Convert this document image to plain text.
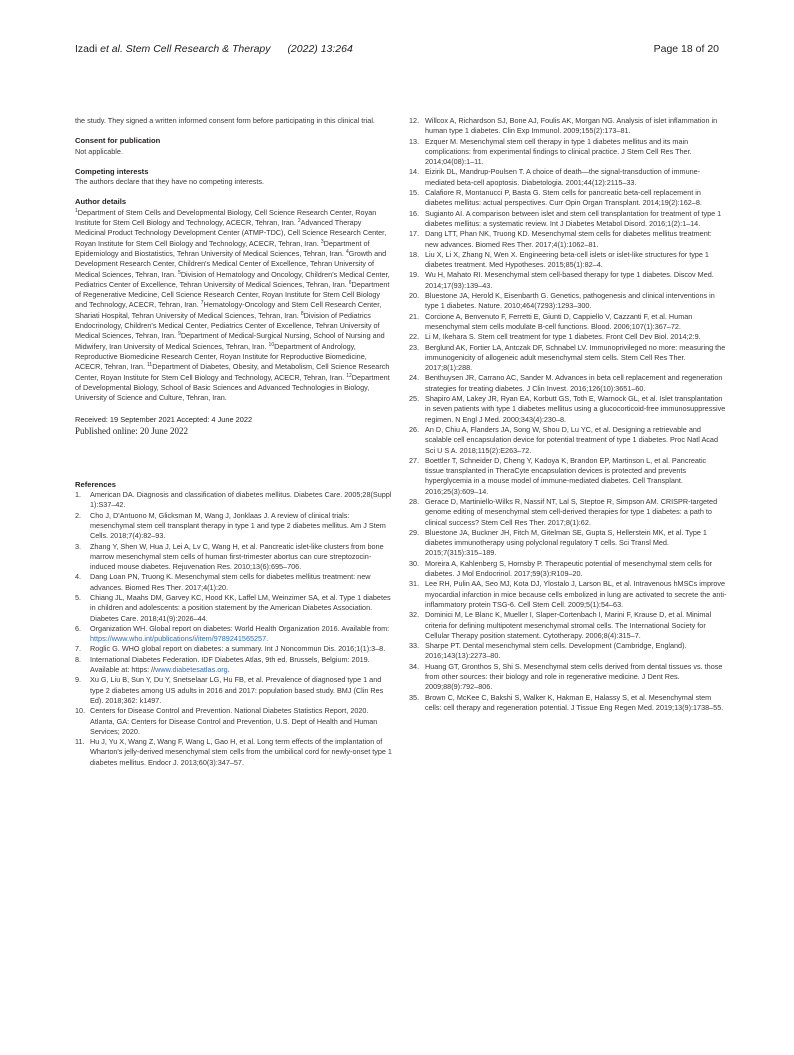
Izadi et al. Stem Cell Research & Therapy (2022) 13:264	Page 18 of 20

the study. They signed a written informed consent form before participating in this clinical trial.

Consent for publication

Not applicable.

Competing interests

The authors declare that they have no competing interests.

Author details

$^1$Department of Stem Cells and Developmental Biology, Cell Science Research Center, Royan Institute for Stem Cell Biology and Technology, ACECR, Tehran, Iran. $^2$Advanced Therapy Medicinal Product Technology Development Center (ATMP-TDC), Cell Science Research Center, Royan Institute for Stem Cell Biology and Technology, ACECR, Tehran, Iran. $^3$Department of Epidemiology and Biostatistics, Tehran University of Medical Sciences, Tehran, Iran. $^4$Growth and Development Research Center, Children's Medical Center of Excellence, Tehran University of Medical Sciences, Tehran, Iran. $^5$Division of Hematology and Oncology, Children's Medical Center, Pediatrics Center of Excellence, Tehran University of Medical Sciences, Tehran, Iran. $^6$Department of Regenerative Medicine, Cell Science Research Center, Royan Institute for Stem Cell Biology and Technology, ACECR, Tehran, Iran. $^7$Hematology-Oncology and Stem Cell Research Center, Shariati Hospital, Tehran University of Medical Sciences, Tehran, Iran. $^8$Division of Pediatrics Endocrinology, Children's Medical Center, Pediatrics Center of Excellence, Tehran University of Medical Sciences, Tehran, Iran. $^9$Department of Medical-Surgical Nursing, School of Nursing and Midwifery, Iran University of Medical Sciences, Tehran, Iran. $^{10}$Department of Andrology, Reproductive Biomedicine Research Center, Royan Institute for Reproductive Biomedicine, ACECR, Tehran, Iran. $^{11}$Department of Diabetes, Obesity, and Metabolism, Cell Science Research Center, Royan Institute for Stem Cell Biology and Technology, ACECR, Tehran, Iran. $^{12}$Department of Developmental Biology, School of Basic Sciences and Advanced Technologies in Biology, University of Science and Culture, Tehran, Iran.

Received: 19 September 2021 Accepted: 4 June 2022
Published online: 20 June 2022

References

1.	American DA. Diagnosis and classification of diabetes mellitus. Diabetes Care. 2005;28(Suppl 1):S37–42.
2.	Cho J, D'Antuono M, Glicksman M, Wang J, Jonklaas J. A review of clinical trials: mesenchymal stem cell transplant therapy in type 1 and type 2 diabetes mellitus. Am J Stem Cells. 2018;7(4):82–93.
3.	Zhang Y, Shen W, Hua J, Lei A, Lv C, Wang H, et al. Pancreatic islet-like clusters from bone marrow mesenchymal stem cells of human first-trimester abortus can cure streptozocin-induced mouse diabetes. Rejuvenation Res. 2010;13(6):695–706.
4.	Dang Loan PN, Truong K. Mesenchymal stem cells for diabetes mellitus treatment: new advances. Biomed Res Ther. 2017;4(1):20.
5.	Chiang JL, Maahs DM, Garvey KC, Hood KK, Laffel LM, Weinzimer SA, et al. Type 1 diabetes in children and adolescents: a position statement by the American Diabetes Association. Diabetes Care. 2018;41(9):2026–44.
6.	Organization WH. Global report on diabetes: World Health Organization 2016. Available from: https://www.who.int/publications/i/item/9789241565257.
7.	Roglic G. WHO global report on diabetes: a summary. Int J Noncommun Dis. 2016;1(1):3–8.
8.	International Diabetes Federation. IDF Diabetes Atlas, 9th ed. Brussels, Belgium: 2019. Available at: https: //www.diabetesatlas.org.
9.	Xu G, Liu B, Sun Y, Du Y, Snetselaar LG, Hu FB, et al. Prevalence of diagnosed type 1 and type 2 diabetes among US adults in 2016 and 2017: population based study. BMJ (Clin Res Ed). 2018;362: k1497.
10. Centers for Disease Control and Prevention. National Diabetes Statistics Report, 2020. Atlanta, GA: Centers for Disease Control and Prevention, U.S. Dept of Health and Human Services; 2020.
11. Hu J, Yu X, Wang Z, Wang F, Wang L, Gao H, et al. Long term effects of the implantation of Wharton's jelly-derived mesenchymal stem cells from the umbilical cord for newly-onset type 1 diabetes mellitus. Endocr J. 2013;60(3):347–57.
12. Willcox A, Richardson SJ, Bone AJ, Foulis AK, Morgan NG. Analysis of islet inflammation in human type 1 diabetes. Clin Exp Immunol. 2009;155(2):173–81.
13. Ezquer M. Mesenchymal stem cell therapy in type 1 diabetes mellitus and its main complications: from experimental findings to clinical practice. J Stem Cell Res Ther. 2014;04(08):1–11.
14. Eizirik DL, Mandrup-Poulsen T. A choice of death—the signal-transduction of immune-mediated beta-cell apoptosis. Diabetologia. 2001;44(12):2115–33.
15. Calafiore R, Montanucci P, Basta G. Stem cells for pancreatic beta-cell replacement in diabetes mellitus: actual perspectives. Curr Opin Organ Transplant. 2014;19(2):162–8.
16. Sugianto AI. A comparison between islet and stem cell transplantation for treatment of type 1 diabetes mellitus: a systematic review. Int J Diabetes Metabol Disord. 2016;1(2):1–14.
17. Dang LTT, Phan NK, Truong KD. Mesenchymal stem cells for diabetes mellitus treatment: new advances. Biomed Res Ther. 2017;4(1):1062–81.
18. Liu X, Li X, Zhang N, Wen X. Engineering beta-cell islets or islet-like structures for type 1 diabetes treatment. Med Hypotheses. 2015;85(1):82–4.
19. Wu H, Mahato RI. Mesenchymal stem cell-based therapy for type 1 diabetes. Discov Med. 2014;17(93):139–43.
20. Bluestone JA, Herold K, Eisenbarth G. Genetics, pathogenesis and clinical interventions in type 1 diabetes. Nature. 2010;464(7293):1293–300.
21. Corcione A, Benvenuto F, Ferretti E, Giunti D, Cappiello V, Cazzanti F, et al. Human mesenchymal stem cells modulate B-cell functions. Blood. 2006;107(1):367–72.
22. Li M, Ikehara S. Stem cell treatment for type 1 diabetes. Front Cell Dev Biol. 2014;2:9.
23. Berglund AK, Fortier LA, Antczak DF, Schnabel LV. Immunoprivileged no more: measuring the immunogenicity of allogeneic adult mesenchymal stem cells. Stem Cell Res Ther. 2017;8(1):288.
24. Benthuysen JR, Carrano AC, Sander M. Advances in beta cell replacement and regeneration strategies for treating diabetes. J Clin Invest. 2016;126(10):3651–60.
25. Shapiro AM, Lakey JR, Ryan EA, Korbutt GS, Toth E, Warnock GL, et al. Islet transplantation in seven patients with type 1 diabetes mellitus using a glucocorticoid-free immunosuppressive regimen. N Engl J Med. 2000;343(4):230–8.
26. An D, Chiu A, Flanders JA, Song W, Shou D, Lu YC, et al. Designing a retrievable and scalable cell encapsulation device for potential treatment of type 1 diabetes. Proc Natl Acad Sci U S A. 2018;115(2):E263–72.
27. Boettler T, Schneider D, Cheng Y, Kadoya K, Brandon EP, Martinson L, et al. Pancreatic tissue transplanted in TheraCyte encapsulation devices is protected and prevents hyperglycemia in a mouse model of immune-mediated diabetes. Cell Transplant. 2016;25(3):609–14.
28. Gerace D, Martiniello-Wilks R, Nassif NT, Lal S, Steptoe R, Simpson AM. CRISPR-targeted genome editing of mesenchymal stem cell-derived therapies for type 1 diabetes: a path to clinical success? Stem Cell Res Ther. 2017;8(1):62.
29. Bluestone JA, Buckner JH, Fitch M, Gitelman SE, Gupta S, Hellerstein MK, et al. Type 1 diabetes immunotherapy using polyclonal regulatory T cells. Sci Transl Med. 2015;7(315):315–189.
30. Moreira A, Kahlenberg S, Hornsby P. Therapeutic potential of mesenchymal stem cells for diabetes. J Mol Endocrinol. 2017;59(3):R109–20.
31. Lee RH, Pulin AA, Seo MJ, Kota DJ, Ylostalo J, Larson BL, et al. Intravenous hMSCs improve myocardial infarction in mice because cells embolized in lung are activated to secrete the anti-inflammatory protein TSG-6. Cell Stem Cell. 2009;5(1):54–63.
32. Dominici M, Le Blanc K, Mueller I, Slaper-Cortenbach I, Marini F, Krause D, et al. Minimal criteria for defining multipotent mesenchymal stromal cells. The International Society for Cellular Therapy position statement. Cytotherapy. 2006;8(4):315–7.
33. Sharpe PT. Dental mesenchymal stem cells. Development (Cambridge, England). 2016;143(13):2273–80.
34. Huang GT, Gronthos S, Shi S. Mesenchymal stem cells derived from dental tissues vs. those from other sources: their biology and role in regenerative medicine. J Dent Res. 2009;88(9):792–806.
35. Brown C, McKee C, Bakshi S, Walker K, Hakman E, Halassy S, et al. Mesenchymal stem cells: cell therapy and regeneration potential. J Tissue Eng Regen Med. 2019;13(9):1738–55.
